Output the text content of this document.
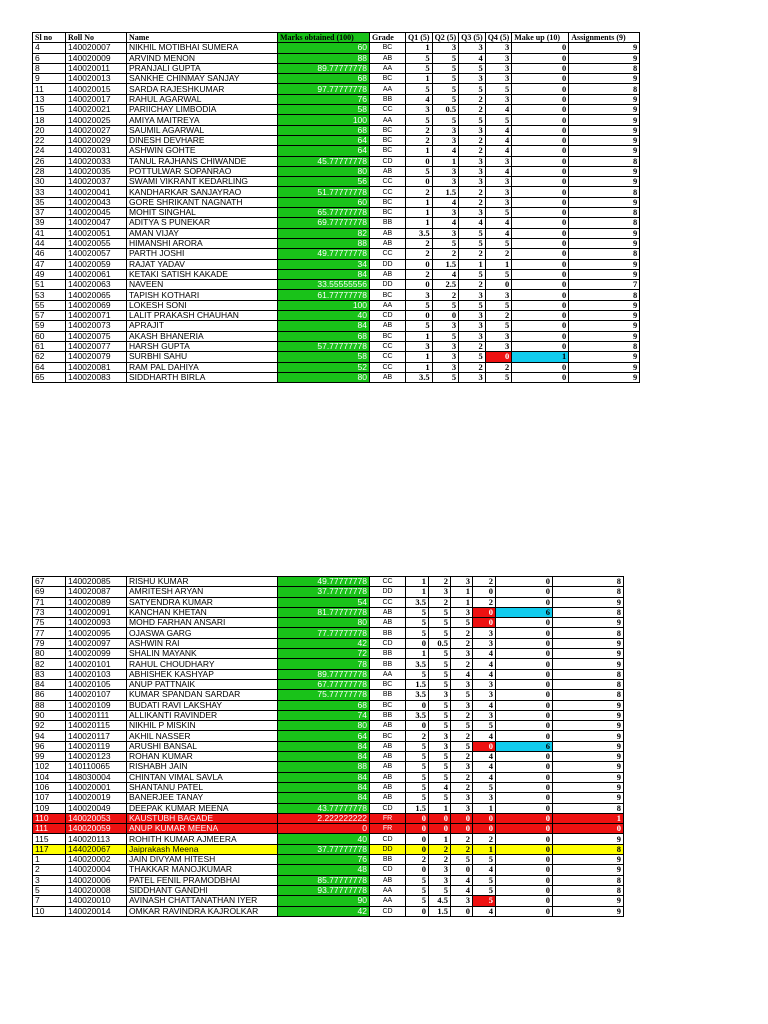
Sl no	Roll No	Name	Marks obtained (100)	Grade	Q1 (5)	Q2 (5)	Q3 (5)	Q4 (5)	Make up (10)	Assignments (9)
4	140020007	NIKHIL MOTIBHAI SUMERA	60	BC	1	3	3	3	0	9
6	140020009	ARVIND MENON	88	AB	5	5	4	3	0	9
8	140020011	PRANJALI GUPTA	89.77777778	AA	5	5	5	3	0	8
9	140020013	SANKHE CHINMAY SANJAY	68	BC	1	5	3	3	0	9
11	140020015	SARDA RAJESHKUMAR	97.77777778	AA	5	5	5	5	0	8
13	140020017	RAHUL AGARWAL	76	BB	4	5	2	3	0	9
15	140020021	PARIICHAY LIMBODIA	58	CC	3	0.5	2	4	0	9
18	140020025	AMIYA MAITREYA	100	AA	5	5	5	5	0	9
20	140020027	SAUMIL AGARWAL	68	BC	2	3	3	4	0	9
22	140020029	DINESH DEVHARE	64	BC	2	3	2	4	0	9
24	140020031	ASHWIN GOHTE	64	BC	1	4	2	4	0	9
26	140020033	TANUL RAJHANS CHIWANDE	45.77777778	CD	0	1	3	3	0	8
28	140020035	POTTULWAR SOPANRAO	80	AB	5	3	3	4	0	9
30	140020037	SWAMI VIKRANT KEDARLING	56	CC	0	3	3	3	0	9
33	140020041	KANDHARKAR SANJAYRAO	51.77777778	CC	2	1.5	2	3	0	8
35	140020043	GORE SHRIKANT NAGNATH	60	BC	1	4	2	3	0	9
37	140020045	MOHIT SINGHAL	65.77777778	BC	1	3	3	5	0	8
39	140020047	ADITYA S PUNEKAR	69.77777778	BB	1	4	4	4	0	8
41	140020051	AMAN VIJAY	82	AB	3.5	3	5	4	0	9
44	140020055	HIMANSHI ARORA	88	AB	2	5	5	5	0	9
46	140020057	PARTH JOSHI	49.77777778	CC	2	2	2	2	0	8
47	140020059	RAJAT YADAV	34	DD	0	1.5	1	1	0	9
49	140020061	KETAKI SATISH KAKADE	84	AB	2	4	5	5	0	9
51	140020063	NAVEEN	33.55555556	DD	0	2.5	2	0	0	7
53	140020065	TAPISH KOTHARI	61.77777778	BC	3	2	3	3	0	8
55	140020069	LOKESH SONI	100	AA	5	5	5	5	0	9
57	140020071	LALIT PRAKASH CHAUHAN	40	CD	0	0	3	2	0	9
59	140020073	APRAJIT	84	AB	5	3	3	5	0	9
60	140020075	AKASH BHANERIA	68	BC	1	5	3	3	0	9
61	140020077	HARSH GUPTA	57.77777778	CC	3	3	2	3	0	8
62	140020079	SURBHI SAHU	58	CC	1	3	5	0	1	9
64	140020081	RAM PAL DAHIYA	52	CC	1	3	2	2	0	9
65	140020083	SIDDHARTH BIRLA	80	AB	3.5	5	3	5	0	9
67	140020085	RISHU KUMAR	49.77777778	CC	1	2	3	2	0	8
69	140020087	AMRITESH ARYAN	37.77777778	DD	1	3	1	0	0	8
71	140020089	SATYENDRA KUMAR	54	CC	3.5	2	1	2	0	9
73	140020091	KANCHAN KHETAN	81.77777778	AB	5	5	3	0	6	8
75	140020093	MOHD FARHAN ANSARI	80	AB	5	5	5	0	0	9
77	140020095	OJASWA GARG	77.77777778	BB	5	5	2	3	0	8
79	140020097	ASHWIN RAI	42	CD	0	0.5	2	3	0	9
80	140020099	SHALIN MAYANK	72	BB	1	5	3	4	0	9
82	140020101	RAHUL CHOUDHARY	78	BB	3.5	5	2	4	0	9
83	140020103	ABHISHEK KASHYAP	89.77777778	AA	5	5	4	4	0	8
84	140020105	ANUP PATTNAIK	67.77777778	BC	1.5	5	3	3	0	8
86	140020107	KUMAR SPANDAN SARDAR	75.77777778	BB	3.5	3	5	3	0	8
88	140020109	BUDATI RAVI LAKSHAY	68	BC	0	5	3	4	0	9
90	140020111	ALLIKANTI RAVINDER	74	BB	3.5	5	2	3	0	9
92	140020115	NIKHIL P MISKIN	80	AB	0	5	5	5	0	9
94	140020117	AKHIL NASSER	64	BC	2	3	2	4	0	9
96	140020119	ARUSHI BANSAL	84	AB	5	3	5	0	6	9
99	140020123	ROHAN KUMAR	84	AB	5	5	2	4	0	9
102	140110065	RISHABH JAIN	88	AB	5	5	3	4	0	9
104	148030004	CHINTAN VIMAL SAVLA	84	AB	5	5	2	4	0	9
106	140020001	SHANTANU PATEL	84	AB	5	4	2	5	0	9
107	140020019	BANERJEE TANAY	84	AB	5	5	3	3	0	9
109	140020049	DEEPAK KUMAR MEENA	43.77777778	CD	1.5	1	3	1	0	8
110	140020053	KAUSTUBH BAGADE	2.222222222	FR	0	0	0	0	0	1
111	140020059	ANUP KUMAR MEENA	0	FR	0	0	0	0	0	0
115	140020113	ROHITH KUMAR AJMEERA	40	CD	0	1	2	2	0	9
117	144020067	Jaiprakash Meena	37.77777778	DD	0	2	2	1	0	8
1	140020002	JAIN DIVYAM HITESH	76	BB	2	2	5	5	0	9
2	140020004	THAKKAR MANOJKUMAR	48	CD	0	3	0	4	0	9
3	140020006	PATEL FENIL PRAMODBHAI	85.77777778	AB	5	3	4	5	0	8
5	140020008	SIDDHANT GANDHI	93.77777778	AA	5	5	4	5	0	8
7	140020010	AVINASH CHATTANATHAN IYER	90	AA	5	4.5	3	5	0	9
10	140020014	OMKAR RAVINDRA KAJROLKAR	42	CD	0	1.5	0	4	0	9
